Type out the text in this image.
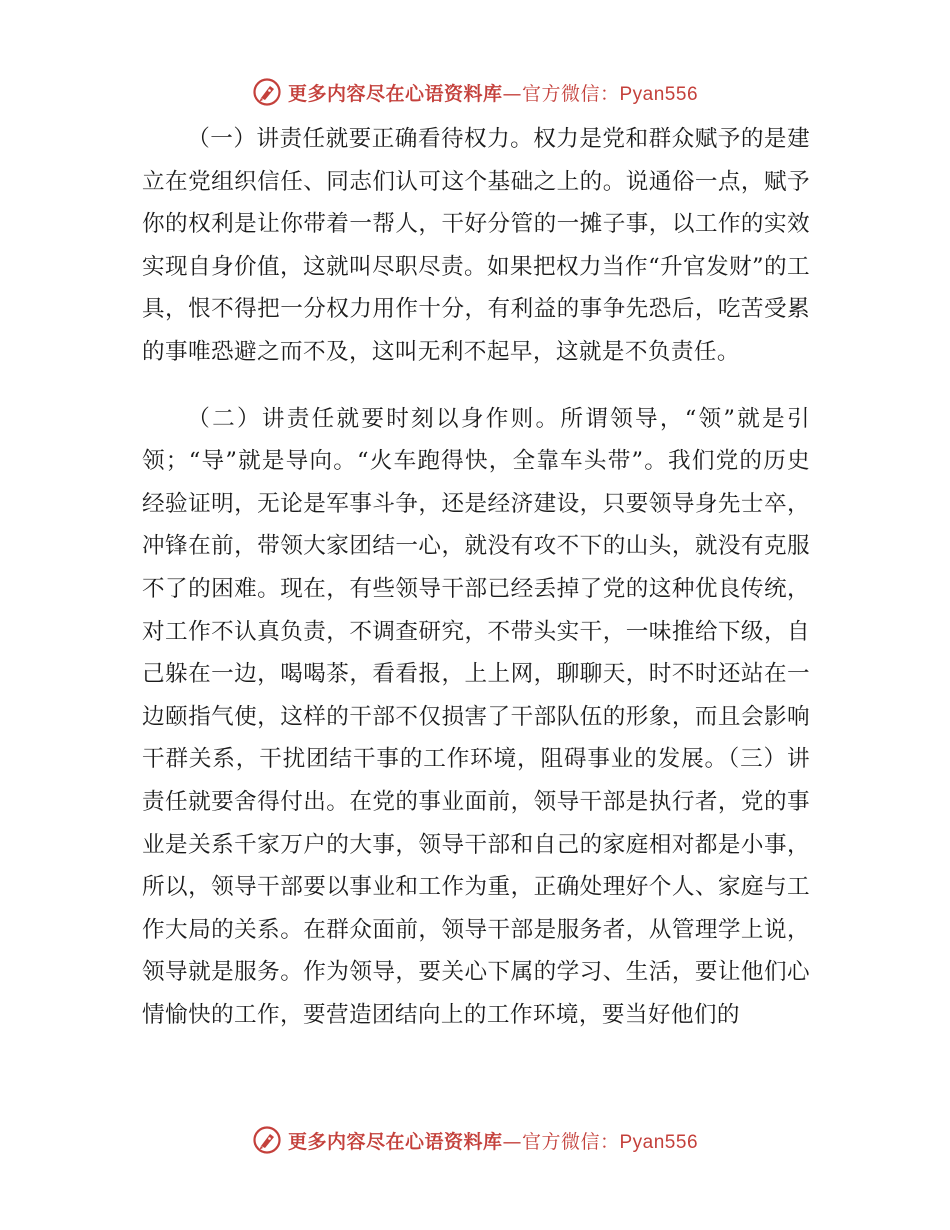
更多内容尽在心语资料库—官方微信：Pyan556

（一）讲责任就要正确看待权力。权力是党和群众赋予的是建立在党组织信任、同志们认可这个基础之上的。说通俗一点，赋予你的权利是让你带着一帮人，干好分管的一摊子事，以工作的实效实现自身价值，这就叫尽职尽责。如果把权力当作“升官发财”的工具，恨不得把一分权力用作十分，有利益的事争先恐后，吃苦受累的事唯恐避之而不及，这叫无利不起早，这就是不负责任。

（二）讲责任就要时刻以身作则。所谓领导，“领”就是引领；“导”就是导向。“火车跑得快，全靠车头带”。我们党的历史经验证明，无论是军事斗争，还是经济建设，只要领导身先士卒，冲锋在前，带领大家团结一心，就没有攻不下的山头，就没有克服不了的困难。现在，有些领导干部已经丢掉了党的这种优良传统，对工作不认真负责，不调查研究，不带头实干，一味推给下级，自己躲在一边，喝喝茶，看看报，上上网，聊聊天，时不时还站在一边颐指气使，这样的干部不仅损害了干部队伍的形象，而且会影响干群关系，干扰团结干事的工作环境，阻碍事业的发展。（三）讲责任就要舍得付出。在党的事业面前，领导干部是执行者，党的事业是关系千家万户的大事，领导干部和自己的家庭相对都是小事，所以，领导干部要以事业和工作为重，正确处理好个人、家庭与工作大局的关系。在群众面前，领导干部是服务者，从管理学上说，领导就是服务。作为领导，要关心下属的学习、生活，要让他们心情愉快的工作，要营造团结向上的工作环境，要当好他们的

更多内容尽在心语资料库—官方微信：Pyan556
